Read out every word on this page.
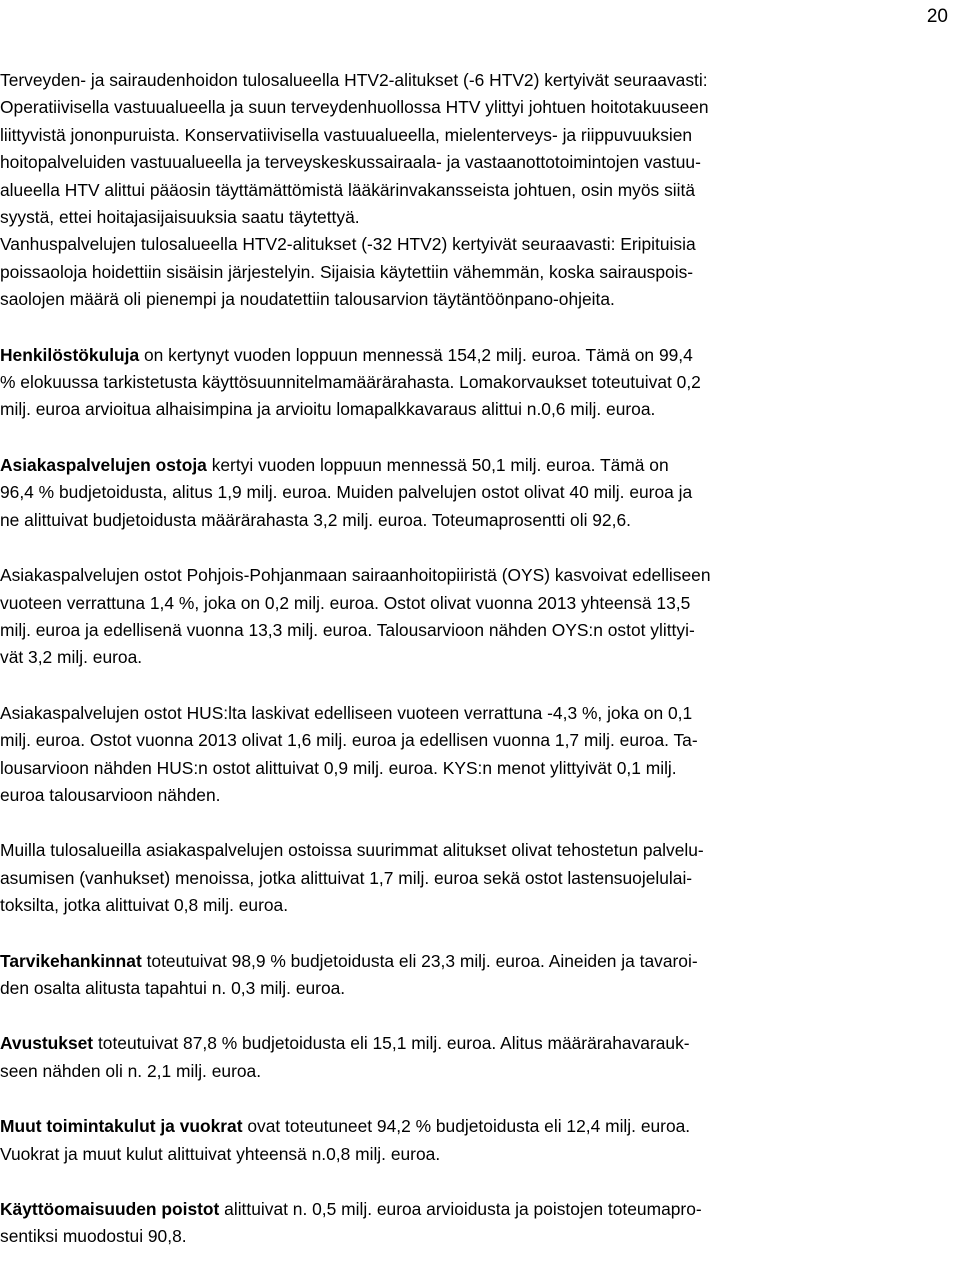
20
Terveyden- ja sairaudenhoidon tulosalueella HTV2-alitukset (-6 HTV2) kertyivät seuraavasti:
Operatiivisella vastuualueella ja suun terveydenhuollossa HTV ylittyi johtuen hoitotakuuseen
liittyvistä jononpuruista. Konservatiivisella vastuualueella, mielenterveys- ja riippuvuuksien
hoitopalveluiden vastuualueella ja terveyskeskussairaala- ja vastaanottotoimintojen vastuu-
alueella HTV alittui pääosin täyttämättömistä lääkärinvakansseista johtuen, osin myös siitä
syystä, ettei hoitajasijaisuuksia saatu täytettyä.
Vanhuspalvelujen tulosalueella HTV2-alitukset (-32 HTV2) kertyivät seuraavasti: Eripituisia
poissaoloja hoidettiin sisäisin järjestelyin. Sijaisia käytettiin vähemmän, koska sairauspois-
saolojen määrä oli pienempi ja noudatettiin talousarvion täytäntöönpano-ohjeita.
Henkilöstökuluja on kertynyt vuoden loppuun mennessä 154,2 milj. euroa. Tämä on 99,4
% elokuussa tarkistetusta käyttösuunnitelmamäärärahasta. Lomakorvaukset toteutuivat 0,2
milj. euroa arvioitua alhaisimpina ja arvioitu lomapalkkavaraus alittui n.0,6 milj. euroa.
Asiakaspalvelujen ostoja kertyi vuoden loppuun mennessä 50,1 milj. euroa. Tämä on
96,4 % budjetoidusta, alitus 1,9 milj. euroa. Muiden palvelujen ostot olivat 40 milj. euroa ja
ne alittuivat budjetoidusta määrärahasta 3,2 milj. euroa. Toteumaprosentti oli 92,6.
Asiakaspalvelujen ostot Pohjois-Pohjanmaan sairaanhoitopiiristä (OYS) kasvoivat edelliseen
vuoteen verrattuna 1,4 %, joka on 0,2 milj. euroa. Ostot olivat vuonna 2013 yhteensä 13,5
milj. euroa ja edellisenä vuonna 13,3 milj. euroa. Talousarvioon nähden OYS:n ostot ylittyi-
vät 3,2 milj. euroa.
Asiakaspalvelujen ostot HUS:lta laskivat edelliseen vuoteen verrattuna -4,3 %, joka on 0,1
milj. euroa. Ostot vuonna 2013 olivat 1,6 milj. euroa ja edellisen vuonna 1,7 milj. euroa. Ta-
lousarvioon nähden HUS:n ostot alittuivat 0,9 milj. euroa. KYS:n menot ylittyivät 0,1 milj.
euroa talousarvioon nähden.
Muilla tulosalueilla asiakaspalvelujen ostoissa suurimmat alitukset olivat tehostetun palvelu-
asumisen (vanhukset) menoissa, jotka alittuivat 1,7 milj. euroa sekä ostot lastensuojelulai-
toksilta, jotka alittuivat 0,8 milj. euroa.
Tarvikehankinnat toteutuivat 98,9 % budjetoidusta eli 23,3 milj. euroa. Aineiden ja tavaroi-
den osalta alitusta tapahtui n. 0,3 milj. euroa.
Avustukset toteutuivat 87,8 % budjetoidusta eli 15,1 milj. euroa. Alitus määrärahavarauk-
seen nähden oli n. 2,1 milj. euroa.
Muut toimintakulut ja vuokrat ovat toteutuneet 94,2 % budjetoidusta eli 12,4 milj. euroa.
Vuokrat ja muut kulut alittuivat yhteensä n.0,8 milj. euroa.
Käyttöomaisuuden poistot alittuivat n. 0,5 milj. euroa arvioidusta ja poistojen toteumapro-
sentiksi muodostui 90,8.
